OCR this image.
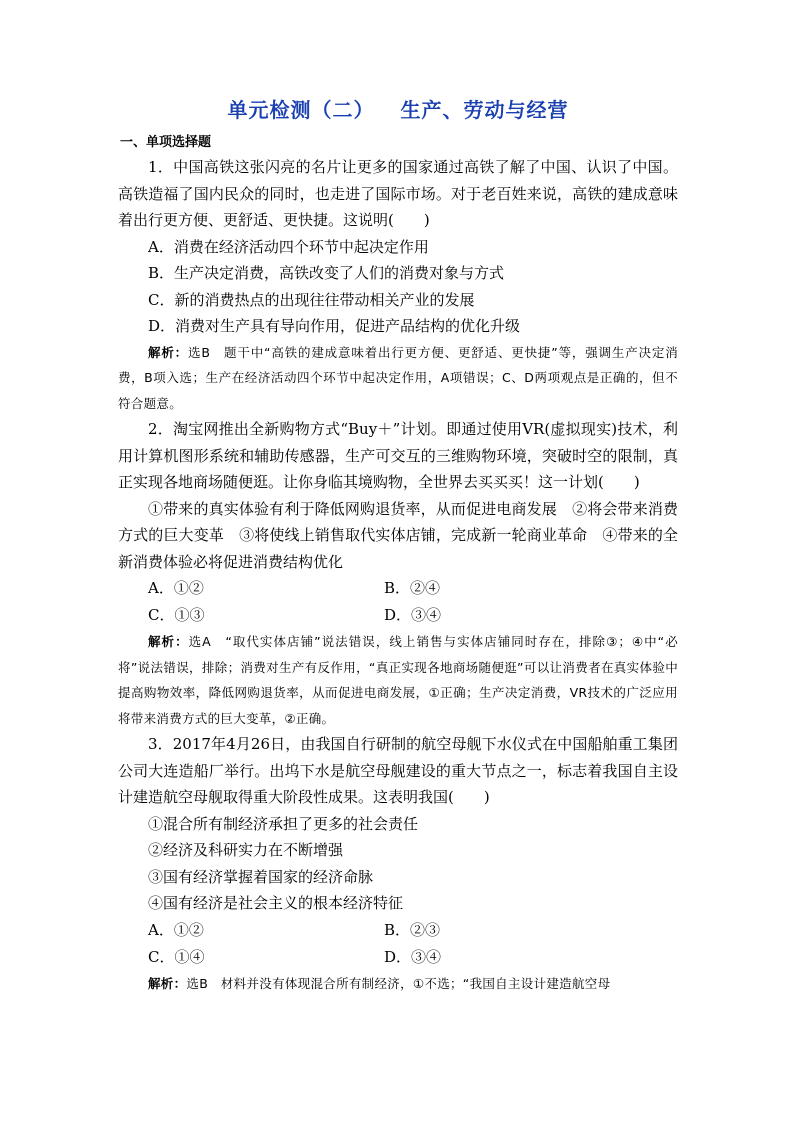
单元检测（二） 生产、劳动与经营
一、单项选择题
1．中国高铁这张闪亮的名片让更多的国家通过高铁了解了中国、认识了中国。高铁造福了国内民众的同时，也走进了国际市场。对于老百姓来说，高铁的建成意味着出行更方便、更舒适、更快捷。这说明(　　)
A．消费在经济活动四个环节中起决定作用
B．生产决定消费，高铁改变了人们的消费对象与方式
C．新的消费热点的出现往往带动相关产业的发展
D．消费对生产具有导向作用，促进产品结构的优化升级
解析：选B　题干中“高铁的建成意味着出行更方便、更舒适、更快捷”等，强调生产决定消费，B项入选；生产在经济活动四个环节中起决定作用，A项错误；C、D两项观点是正确的，但不符合题意。
2．淘宝网推出全新购物方式“Buy＋”计划。即通过使用VR(虚拟现实)技术，利用计算机图形系统和辅助传感器，生产可交互的三维购物环境，突破时空的限制，真正实现各地商场随便逛。让你身临其境购物，全世界去买买买！这一计划(　　)
①带来的真实体验有利于降低网购退货率，从而促进电商发展　②将会带来消费方式的巨大变革　③将使线上销售取代实体店铺，完成新一轮商业革命　④带来的全新消费体验必将促进消费结构优化
A．①②	B．②④
C．①③	D．③④
解析：选A　“取代实体店铺”说法错误，线上销售与实体店铺同时存在，排除③；④中“必将”说法错误，排除；消费对生产有反作用，“真正实现各地商场随便逛”可以让消费者在真实体验中提高购物效率，降低网购退货率，从而促进电商发展，①正确；生产决定消费，VR技术的广泛应用将带来消费方式的巨大变革，②正确。
3．2017年4月26日，由我国自行研制的航空母舰下水仪式在中国船舶重工集团公司大连造船厂举行。出坞下水是航空母舰建设的重大节点之一，标志着我国自主设计建造航空母舰取得重大阶段性成果。这表明我国(　　)
①混合所有制经济承担了更多的社会责任
②经济及科研实力在不断增强
③国有经济掌握着国家的经济命脉
④国有经济是社会主义的根本经济特征
A．①②	B．②③
C．①④	D．③④
解析：选B　材料并没有体现混合所有制经济，①不选；“我国自主设计建造航空母
